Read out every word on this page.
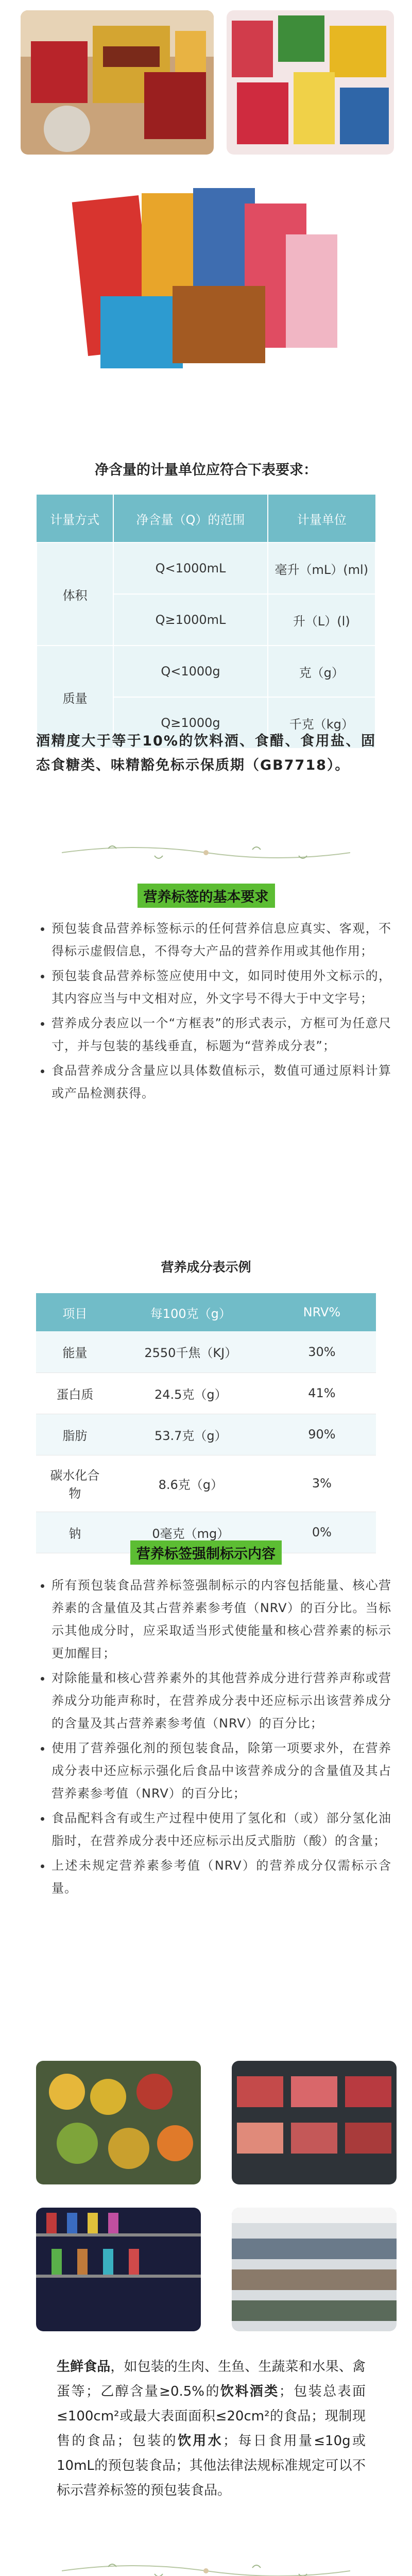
净含量的计量单位应符合下表要求：
计量方式	净含量（Q）的范围	计量单位
体积	Q<1000mL	毫升（mL）(ml)
	Q≥1000mL	升（L）(l)
质量	Q<1000g	克（g）
	Q≥1000g	千克（kg）
酒精度大于等于10%的饮料酒、食醋、食用盐、固态食糖类、味精豁免标示保质期（GB7718）。
营养标签的基本要求
• 预包装食品营养标签标示的任何营养信息应真实、客观，不得标示虚假信息，不得夸大产品的营养作用或其他作用；
• 预包装食品营养标签应使用中文，如同时使用外文标示的，其内容应当与中文相对应，外文字号不得大于中文字号；
• 营养成分表应以一个“方框表”的形式表示，方框可为任意尺寸，并与包装的基线垂直，标题为“营养成分表”；
• 食品营养成分含量应以具体数值标示，数值可通过原料计算或产品检测获得。
营养成分表示例
项目	每100克（g）	NRV%
能量	2550千焦（KJ）	30%
蛋白质	24.5克（g）	41%
脂肪	53.7克（g）	90%
碳水化合物	8.6克（g）	3%
钠	0毫克（mg）	0%
营养标签强制标示内容
• 所有预包装食品营养标签强制标示的内容包括能量、核心营养素的含量值及其占营养素参考值（NRV）的百分比。当标示其他成分时，应采取适当形式使能量和核心营养素的标示更加醒目；
• 对除能量和核心营养素外的其他营养成分进行营养声称或营养成分功能声称时，在营养成分表中还应标示出该营养成分的含量及其占营养素参考值（NRV）的百分比；
• 使用了营养强化剂的预包装食品，除第一项要求外，在营养成分表中还应标示强化后食品中该营养成分的含量值及其占营养素参考值（NRV）的百分比；
• 食品配料含有或生产过程中使用了氢化和（或）部分氢化油脂时，在营养成分表中还应标示出反式脂肪（酸）的含量；
• 上述未规定营养素参考值（NRV）的营养成分仅需标示含量。
生鲜食品，如包装的生肉、生鱼、生蔬菜和水果、禽蛋等；乙醇含量≥0.5%的饮料酒类；包装总表面≤100cm²或最大表面面积≤20cm²的食品；现制现售的食品；包装的饮用水；每日食用量≤10g或10mL的预包装食品；其他法律法规标准规定可以不标示营养标签的预包装食品。
